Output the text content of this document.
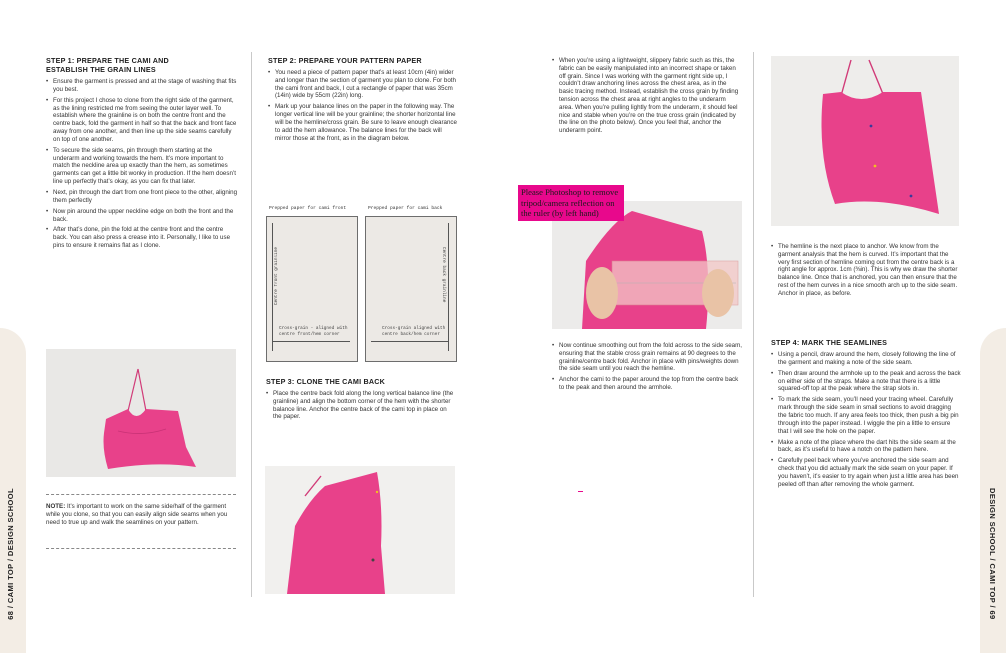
68 / CAMI TOP / DESIGN SCHOOL
STEP 1: PREPARE THE CAMI AND ESTABLISH THE GRAIN LINES
• Ensure the garment is pressed and at the stage of washing that fits you best.
• For this project I chose to clone from the right side of the garment, as the lining restricted me from seeing the outer layer well. To establish where the grainline is on both the centre front and the centre back, fold the garment in half so that the back and front face away from one another, and then line up the side seams carefully on top of one another.
• To secure the side seams, pin through them starting at the underarm and working towards the hem. It’s more important to match the neckline area up exactly than the hem, as sometimes garments can get a little bit wonky in production. If the hem doesn’t line up perfectly that’s okay, as you can fix that later.
• Next, pin through the dart from one front piece to the other, aligning them perfectly
• Now pin around the upper neckline edge on both the front and the back.
• After that’s done, pin the fold at the centre front and the centre back. You can also press a crease into it. Personally, I like to use pins to ensure it remains flat as I clone.
NOTE: It’s important to work on the same side/half of the garment while you clone, so that you can easily align side seams when you need to true up and walk the seamlines on your pattern.
STEP 2: PREPARE YOUR PATTERN PAPER
• You need a piece of pattern paper that’s at least 10cm (4in) wider and longer than the section of garment you plan to clone. For both the cami front and back, I cut a rectangle of paper that was 35cm (14in) wide by 55cm (22in) long.
• Mark up your balance lines on the paper in the following way. The longer vertical line will be your grainline; the shorter horizontal line will be the hemline/cross grain. Be sure to leave enough clearance to add the hem allowance. The balance lines for the back will mirror those at the front, as in the diagram below.
Prepped paper for cami front	Prepped paper for cami back
Centre front grainline
Cross-grain - aligned with centre front/hem corner
Centre back grainline
Cross-grain aligned with centre back/hem corner
STEP 3: CLONE THE CAMI BACK
• Place the centre back fold along the long vertical balance line (the grainline) and align the bottom corner of the hem with the shorter balance line. Anchor the centre back of the cami top in place on the paper.
DESIGN SCHOOL / CAMI TOP / 69
• When you’re using a lightweight, slippery fabric such as this, the fabric can be easily manipulated into an incorrect shape or taken off grain. Since I was working with the garment right side up, I couldn’t draw anchoring lines across the chest area, as in the basic tracing method. Instead, establish the cross grain by finding tension across the chest area at right angles to the underarm area. When you’re pulling lightly from the underarm, it should feel nice and stable when you’re on the true cross grain (indicated by the line on the photo below). Once you feel that, anchor the underarm point.
Please Photoshop to remove tripod/camera reflection on the ruler (by left hand)
• Now continue smoothing out from the fold across to the side seam, ensuring that the stable cross grain remains at 90 degrees to the grainline/centre back fold. Anchor in place with pins/weights down the side seam until you reach the hemline.
• Anchor the cami to the paper around the top from the centre back to the peak and then around the armhole.
• The hemline is the next place to anchor. We know from the garment analysis that the hem is curved. It’s important that the very first section of hemline coming out from the centre back is a right angle for approx. 1cm (⅜in). This is why we draw the shorter balance line. Once that is anchored, you can then ensure that the rest of the hem curves in a nice smooth arch up to the side seam. Anchor in place, as before.
STEP 4: MARK THE SEAMLINES
• Using a pencil, draw around the hem, closely following the line of the garment and making a note of the side seam.
• Then draw around the armhole up to the peak and across the back on either side of the straps. Make a note that there is a little squared-off top at the peak where the strap slots in.
• To mark the side seam, you’ll need your tracing wheel. Carefully mark through the side seam in small sections to avoid dragging the fabric too much. If any area feels too thick, then push a big pin through into the paper instead. I wiggle the pin a little to ensure that I will see the hole on the paper.
• Make a note of the place where the dart hits the side seam at the back, as it’s useful to have a notch on the pattern here.
• Carefully peel back where you’ve anchored the side seam and check that you did actually mark the side seam on your paper. If you haven’t, it’s easier to try again when just a little area has been peeled off than after removing the whole garment.
